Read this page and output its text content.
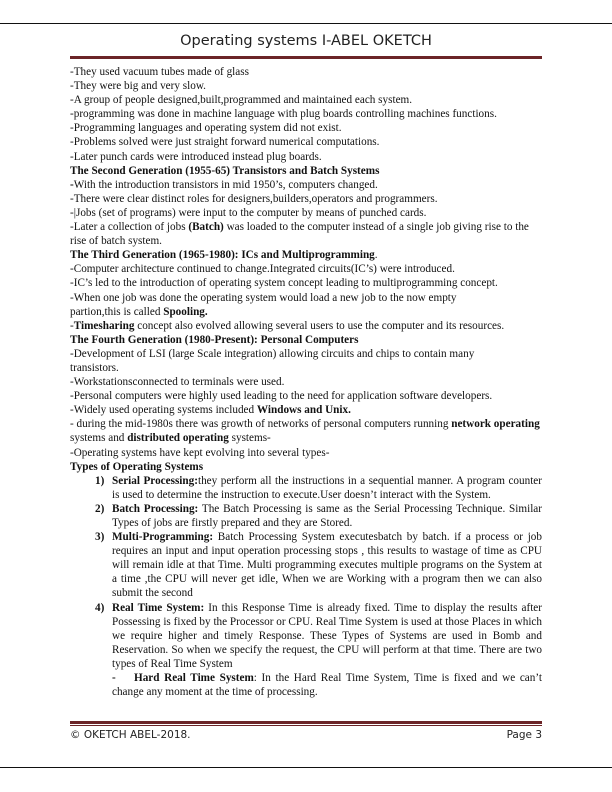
Operating systems I-ABEL OKETCH

-They used vacuum tubes made of glass

-They were big and very slow.

-A group of people designed,built,programmed and maintained each system.

-programming was done in machine language with plug boards controlling machines functions.

-Programming languages and operating system did not exist.

-Problems solved were just straight forward numerical computations.

-Later punch cards were introduced instead plug boards.

The Second Generation (1955-65) Transistors and Batch Systems

-With the introduction transistors in mid 1950’s, computers changed.

-There were clear distinct roles for designers,builders,operators and programmers.

-|Jobs (set of programs) were input to the computer by means of punched cards.

-Later a collection of jobs (Batch) was loaded to the computer instead of a single job giving rise to the rise of batch system.

The Third Generation (1965-1980): ICs and Multiprogramming.

-Computer architecture continued to change.Integrated circuits(IC’s) were introduced.

-IC’s led to the introduction of operating system concept leading to multiprogramming concept.

-When one job was done the operating system would load a new job to the now empty partion,this is called Spooling.

-Timesharing concept also evolved allowing several users to use the computer and its resources.

The Fourth Generation (1980-Present): Personal Computers

-Development of LSI (large Scale integration) allowing circuits and chips to contain many transistors.

-Workstationsconnected to terminals were used.

-Personal computers were highly used leading to the need for application software developers.

-Widely used operating systems included Windows and Unix.

- during the mid-1980s there was growth of networks of personal computers running network operating systems and distributed operating systems-

-Operating systems have kept evolving into several types-

Types of Operating Systems

1) Serial Processing:they perform all the instructions in a sequential manner. A program counter is used to determine the instruction to execute.User doesn’t interact with the System.
2) Batch Processing: The Batch Processing is same as the Serial Processing Technique. Similar Types of jobs are firstly prepared and they are Stored.
3) Multi-Programming: Batch Processing System executesbatch by batch. if a process or job requires an input and input operation processing stops , this results to wastage of time as CPU will remain idle at that Time. Multi programming executes multiple programs on the System at a time ,the CPU will never get idle, When we are Working with a program then we can also submit the second
4) Real Time System: In this Response Time is already fixed. Time to display the results after Possessing is fixed by the Processor or CPU. Real Time System is used at those Places in which we require higher and timely Response. These Types of Systems are used in Bomb and Reservation. So when we specify the request, the CPU will perform at that time. There are two types of Real Time System
- Hard Real Time System: In the Hard Real Time System, Time is fixed and we can’t change any moment at the time of processing.
© OKETCH ABEL-2018.	Page 3
